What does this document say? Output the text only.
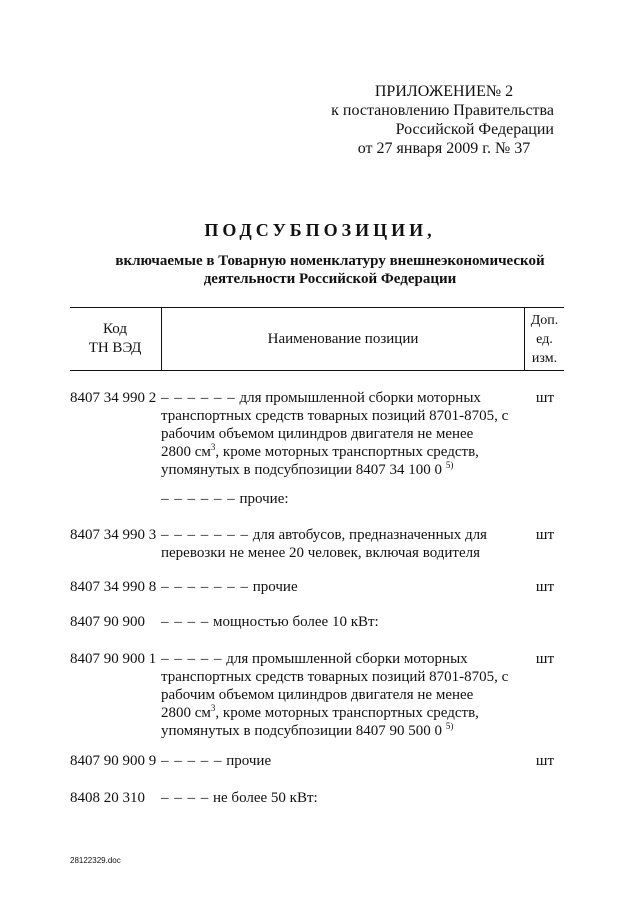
ПРИЛОЖЕНИЕ№ 2
к постановлению Правительства
Российской Федерации
от 27 января 2009 г. № 37
ПОДСУБПОЗИЦИИ,
включаемые в Товарную номенклатуру внешнеэкономической
деятельности Российской Федерации
Код
ТН ВЭД
Наименование позиции
Доп.
ед.
изм.
8407 34 990 2 – – – – – – для промышленной сборки моторных
транспортных средств товарных позиций 8701-8705, с
рабочим объемом цилиндров двигателя не менее
2800 $см^3$, кроме моторных транспортных средств,
упомянутых в подсубпозиции 8407 34 100 0 $^{5)}$
шт
– – – – – – прочие:
8407 34 990 3 – – – – – – – для автобусов, предназначенных для
перевозки не менее 20 человек, включая водителя
шт
8407 34 990 8 – – – – – – – прочие	шт
8407 90 900 – – – – мощностью более 10 кВт:
8407 90 900 1 – – – – – для промышленной сборки моторных
транспортных средств товарных позиций 8701-8705, с
рабочим объемом цилиндров двигателя не менее
2800 $см^3$, кроме моторных транспортных средств,
упомянутых в подсубпозиции 8407 90 500 0 $^{5)}$
шт
8407 90 900 9 – – – – – прочие	шт
8408 20 310 – – – – не более 50 кВт:
28122329.doc
